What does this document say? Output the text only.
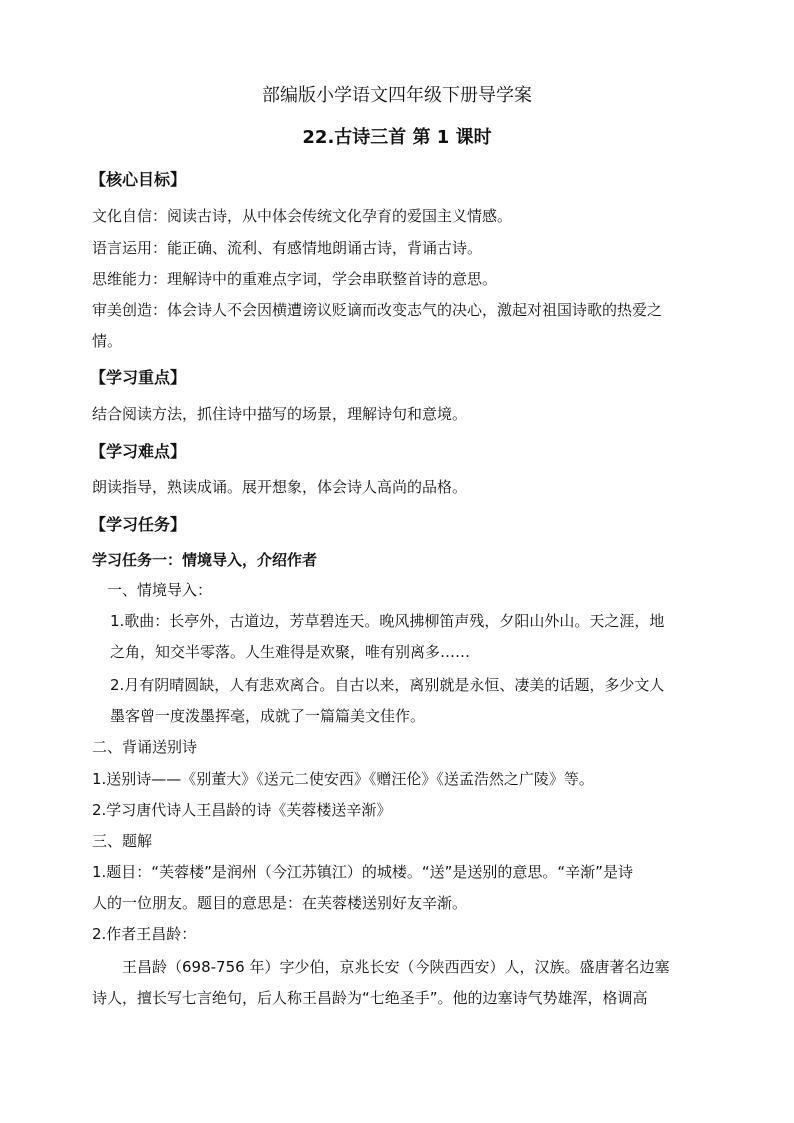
部编版小学语文四年级下册导学案
22.古诗三首 第 1 课时
【核心目标】
文化自信：阅读古诗，从中体会传统文化孕育的爱国主义情感。
语言运用：能正确、流利、有感情地朗诵古诗，背诵古诗。
思维能力：理解诗中的重难点字词，学会串联整首诗的意思。
审美创造：体会诗人不会因横遭谤议贬谪而改变志气的决心，激起对祖国诗歌的热爱之
情。
【学习重点】
结合阅读方法，抓住诗中描写的场景，理解诗句和意境。
【学习难点】
朗读指导，熟读成诵。展开想象，体会诗人高尚的品格。
【学习任务】
学习任务一：情境导入，介绍作者
一、情境导入：
1.歌曲：长亭外，古道边，芳草碧连天。晚风拂柳笛声残，夕阳山外山。天之涯，地
之角，知交半零落。人生难得是欢聚，唯有别离多……
2.月有阴晴圆缺，人有悲欢离合。自古以来，离别就是永恒、凄美的话题，多少文人
墨客曾一度泼墨挥毫，成就了一篇篇美文佳作。
二、背诵送别诗
1.送别诗——《别董大》《送元二使安西》《赠汪伦》《送孟浩然之广陵》等。
2.学习唐代诗人王昌龄的诗《芙蓉楼送辛渐》
三、题解
1.题目：“芙蓉楼”是润州（今江苏镇江）的城楼。“送”是送别的意思。“辛渐”是诗
人的一位朋友。题目的意思是：在芙蓉楼送别好友辛渐。
2.作者王昌龄：
王昌龄（698-756 年）字少伯，京兆长安（今陕西西安）人，汉族。盛唐著名边塞
诗人，擅长写七言绝句，后人称王昌龄为“七绝圣手”。他的边塞诗气势雄浑，格调高
